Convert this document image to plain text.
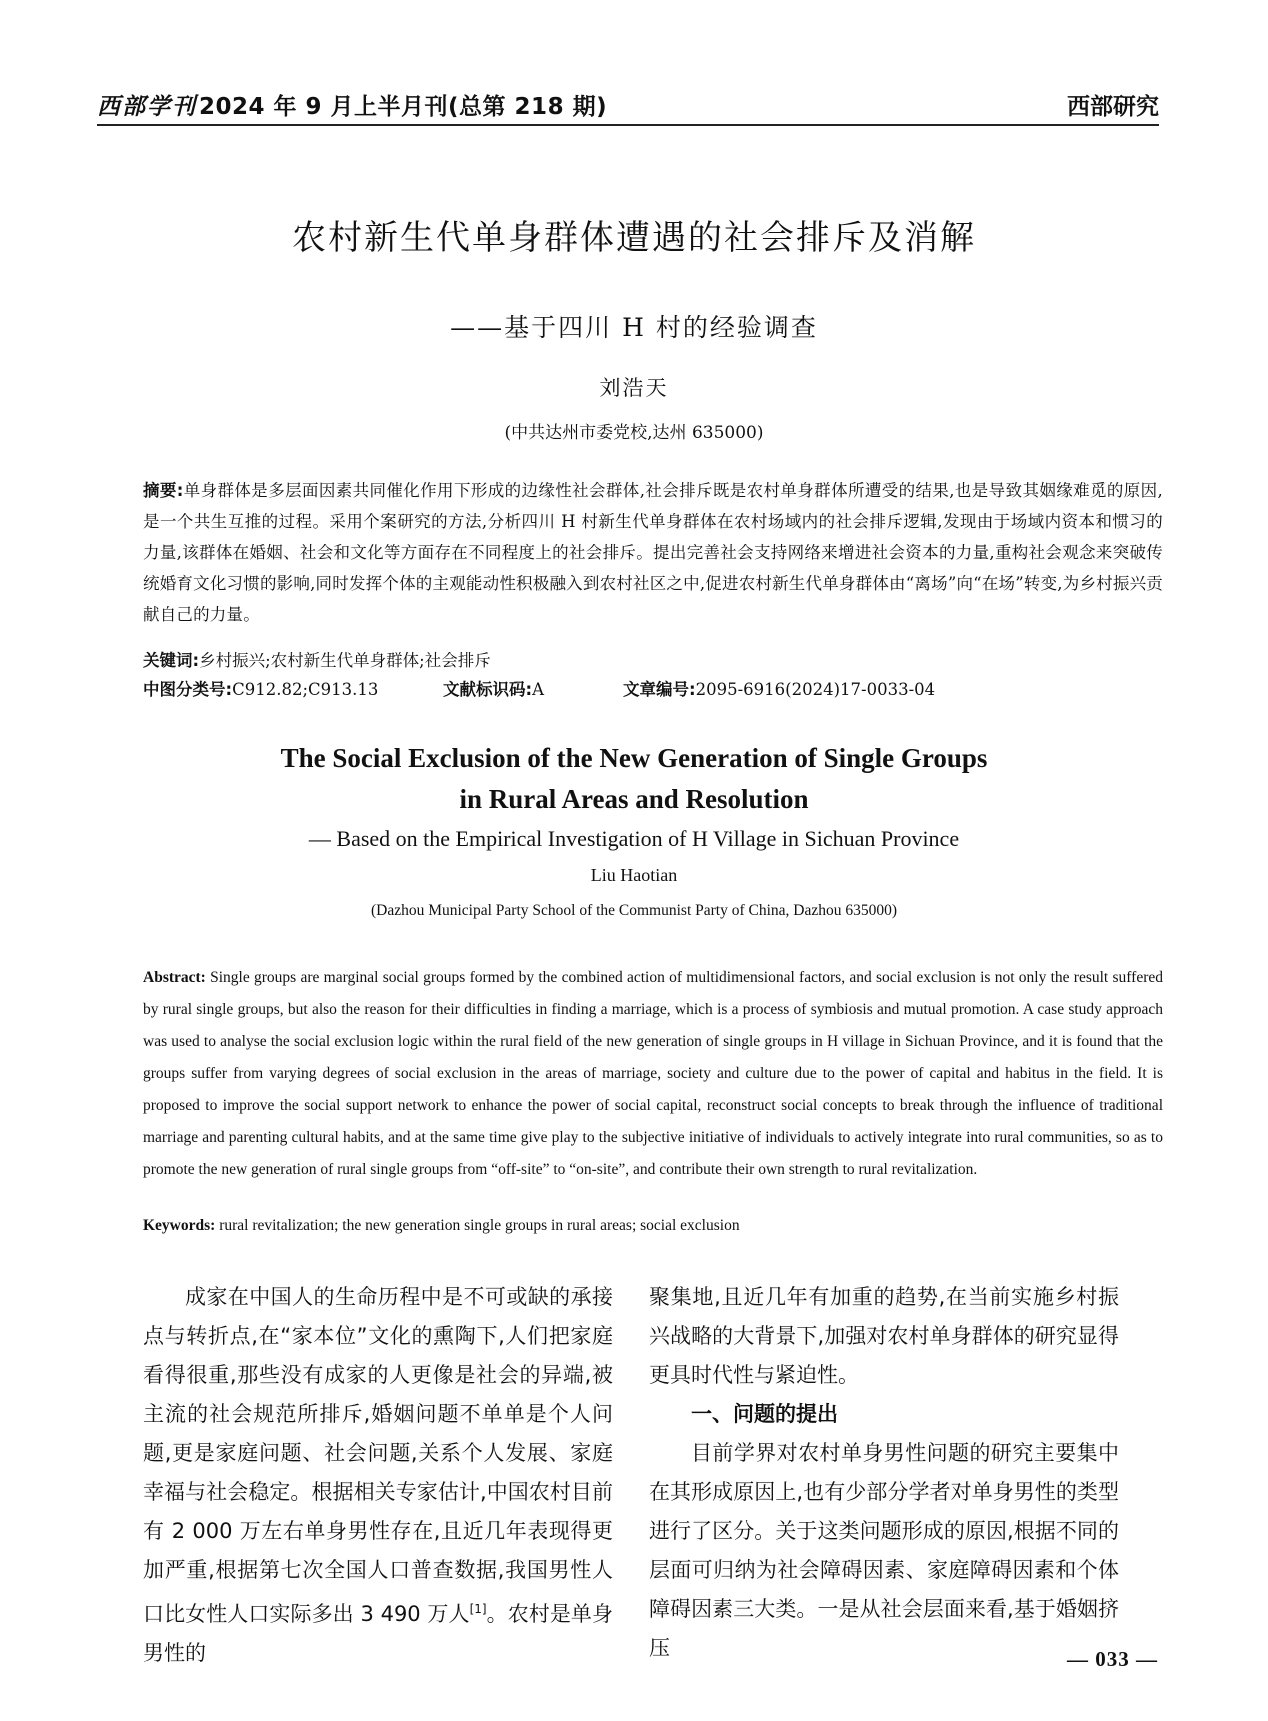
西部学刊2024 年 9 月上半月刊(总第 218 期)	西部研究
农村新生代单身群体遭遇的社会排斥及消解
——基于四川 H 村的经验调查
刘浩天
(中共达州市委党校,达州 635000)
摘要:单身群体是多层面因素共同催化作用下形成的边缘性社会群体,社会排斥既是农村单身群体所遭受的结果,也是导致其姻缘难觅的原因,是一个共生互推的过程。采用个案研究的方法,分析四川 H 村新生代单身群体在农村场域内的社会排斥逻辑,发现由于场域内资本和惯习的力量,该群体在婚姻、社会和文化等方面存在不同程度上的社会排斥。提出完善社会支持网络来增进社会资本的力量,重构社会观念来突破传统婚育文化习惯的影响,同时发挥个体的主观能动性积极融入到农村社区之中,促进农村新生代单身群体由“离场”向“在场”转变,为乡村振兴贡献自己的力量。
关键词:乡村振兴;农村新生代单身群体;社会排斥
中图分类号:C912.82;C913.13	文献标识码:A	文章编号:2095-6916(2024)17-0033-04
The Social Exclusion of the New Generation of Single Groups
in Rural Areas and Resolution
— Based on the Empirical Investigation of H Village in Sichuan Province
Liu Haotian
(Dazhou Municipal Party School of the Communist Party of China, Dazhou 635000)
Abstract: Single groups are marginal social groups formed by the combined action of multidimensional factors, and social exclusion is not only the result suffered by rural single groups, but also the reason for their difficulties in finding a marriage, which is a process of symbiosis and mutual promotion. A case study approach was used to analyse the social exclusion logic within the rural field of the new generation of single groups in H village in Sichuan Province, and it is found that the groups suffer from varying degrees of social exclusion in the areas of marriage, society and culture due to the power of capital and habitus in the field. It is proposed to improve the social support network to enhance the power of social capital, reconstruct social concepts to break through the influence of traditional marriage and parenting cultural habits, and at the same time give play to the subjective initiative of individuals to actively integrate into rural communities, so as to promote the new generation of rural single groups from “off-site” to “on-site”, and contribute their own strength to rural revitalization.
Keywords: rural revitalization; the new generation single groups in rural areas; social exclusion

成家在中国人的生命历程中是不可或缺的承接点与转折点,在“家本位”文化的熏陶下,人们把家庭看得很重,那些没有成家的人更像是社会的异端,被主流的社会规范所排斥,婚姻问题不单单是个人问题,更是家庭问题、社会问题,关系个人发展、家庭幸福与社会稳定。根据相关专家估计,中国农村目前有 2 000 万左右单身男性存在,且近几年表现得更加严重,根据第七次全国人口普查数据,我国男性人口比女性人口实际多出 3 490 万人[1]。农村是单身男性的

聚集地,且近几年有加重的趋势,在当前实施乡村振兴战略的大背景下,加强对农村单身群体的研究显得更具时代性与紧迫性。

一、问题的提出

目前学界对农村单身男性问题的研究主要集中在其形成原因上,也有少部分学者对单身男性的类型进行了区分。关于这类问题形成的原因,根据不同的层面可归纳为社会障碍因素、家庭障碍因素和个体障碍因素三大类。一是从社会层面来看,基于婚姻挤压	— 033 —
